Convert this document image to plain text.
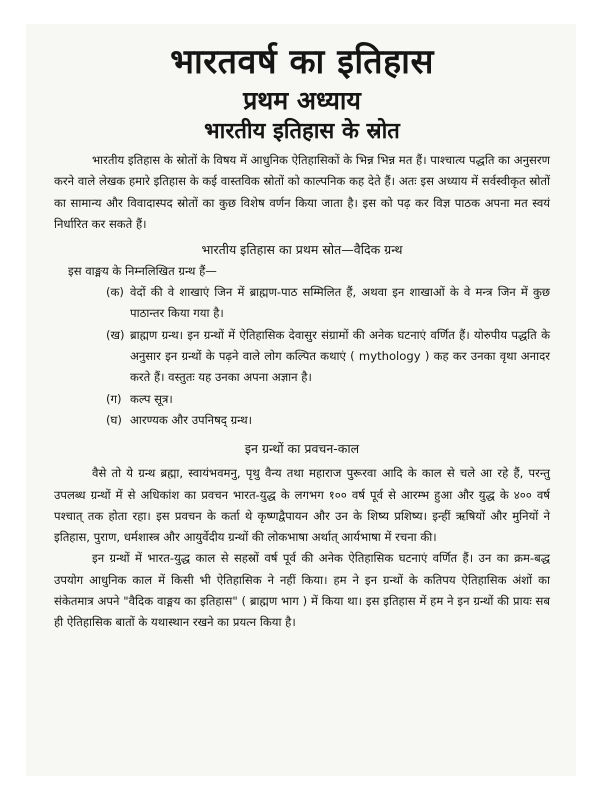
भारतवर्ष का इतिहास
प्रथम अध्याय
भारतीय इतिहास के स्रोत

भारतीय इतिहास के स्रोतों के विषय में आधुनिक ऐतिहासिकों के भिन्न भिन्न मत हैं। पाश्चात्य पद्धति का अनुसरण करने वाले लेखक हमारे इतिहास के कई वास्तविक स्रोतों को काल्पनिक कह देते हैं। अतः इस अध्याय में सर्वस्वीकृत स्रोतों का सामान्य और विवादास्पद स्रोतों का कुछ विशेष वर्णन किया जाता है। इस को पढ़ कर विज्ञ पाठक अपना मत स्वयं निर्धारित कर सकते हैं।

भारतीय इतिहास का प्रथम स्रोत—वैदिक ग्रन्थ

इस वाङ्मय के निम्नलिखित ग्रन्थ हैं—

(क) वेदों की वे शाखाएं जिन में ब्राह्मण-पाठ सम्मिलित हैं, अथवा इन शाखाओं के वे मन्त्र जिन में कुछ पाठान्तर किया गया है।
(ख) ब्राह्मण ग्रन्थ। इन ग्रन्थों में ऐतिहासिक देवासुर संग्रामों की अनेक घटनाएं वर्णित हैं। योरुपीय पद्धति के अनुसार इन ग्रन्थों के पढ़ने वाले लोग कल्पित कथाएं ( mythology ) कह कर उनका वृथा अनादर करते हैं। वस्तुतः यह उनका अपना अज्ञान है।
(ग) कल्प सूत्र।
(घ) आरण्यक और उपनिषद् ग्रन्थ।

इन ग्रन्थों का प्रवचन-काल

वैसे तो ये ग्रन्थ ब्रह्मा, स्वायंभवमनु, पृथु वैन्य तथा महाराज पुरूरवा आदि के काल से चले आ रहे हैं, परन्तु उपलब्ध ग्रन्थों में से अधिकांश का प्रवचन भारत-युद्ध के लगभग १०० वर्ष पूर्व से आरम्भ हुआ और युद्ध के ४०० वर्ष पश्चात् तक होता रहा। इस प्रवचन के कर्ता थे कृष्णद्वैपायन और उन के शिष्य प्रशिष्य। इन्हीं ऋषियों और मुनियों ने इतिहास, पुराण, धर्मशास्त्र और आयुर्वेदीय ग्रन्थों की लोकभाषा अर्थात् आर्यभाषा में रचना की।

इन ग्रन्थों में भारत-युद्ध काल से सहस्रों वर्ष पूर्व की अनेक ऐतिहासिक घटनाएं वर्णित हैं। उन का क्रम-बद्ध उपयोग आधुनिक काल में किसी भी ऐतिहासिक ने नहीं किया। हम ने इन ग्रन्थों के कतिपय ऐतिहासिक अंशों का संकेतमात्र अपने "वैदिक वाङ्मय का इतिहास" ( ब्राह्मण भाग ) में किया था। इस इतिहास में हम ने इन ग्रन्थों की प्रायः सब ही ऐतिहासिक बातों के यथास्थान रखने का प्रयत्न किया है।
